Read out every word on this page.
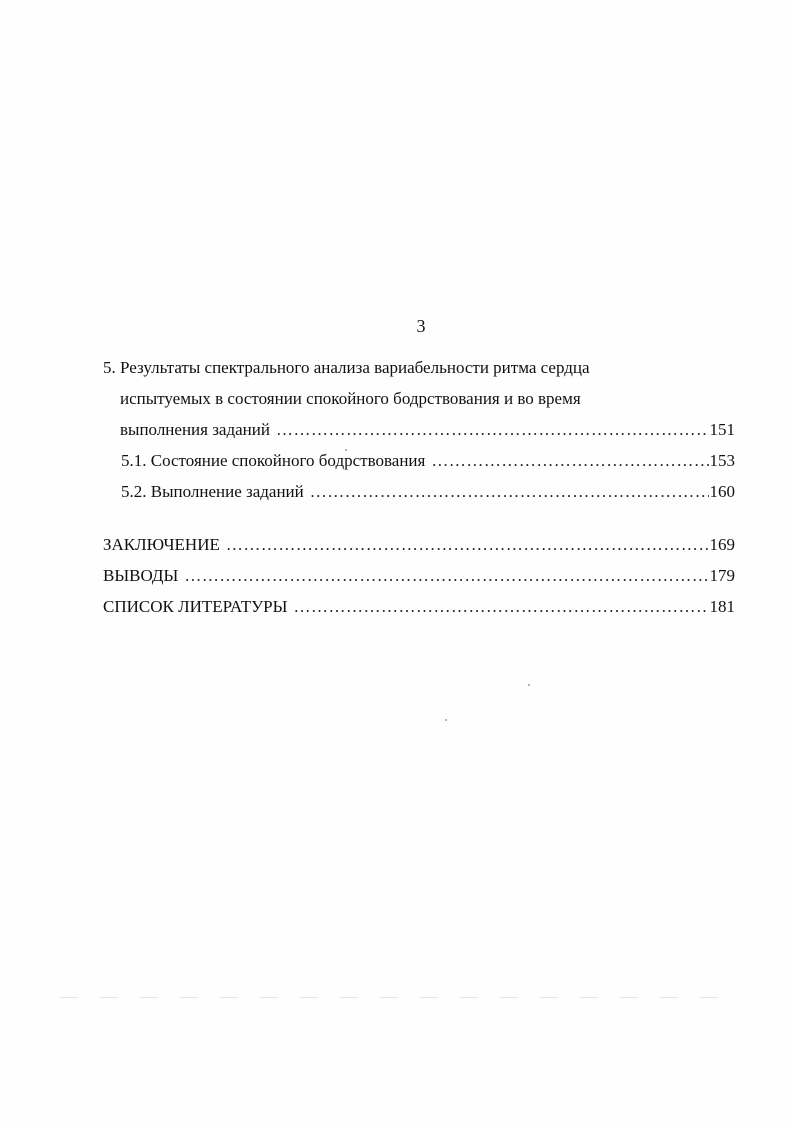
3
5. Результаты спектрального анализа вариабельности ритма сердца
испытуемых в состоянии спокойного бодрствования и во время
выполнения заданий ……………………………………………………………………………………………………………………………………………………	151
5.1. Состояние спокойного бодрствования ……………………………………………………………………………………………………………………………………………………	153
5.2. Выполнение заданий ……………………………………………………………………………………………………………………………………………………	160
ЗАКЛЮЧЕНИЕ ……………………………………………………………………………………………………………………………………………………	169
ВЫВОДЫ ……………………………………………………………………………………………………………………………………………………	179
СПИСОК ЛИТЕРАТУРЫ ……………………………………………………………………………………………………………………………………………………	181
